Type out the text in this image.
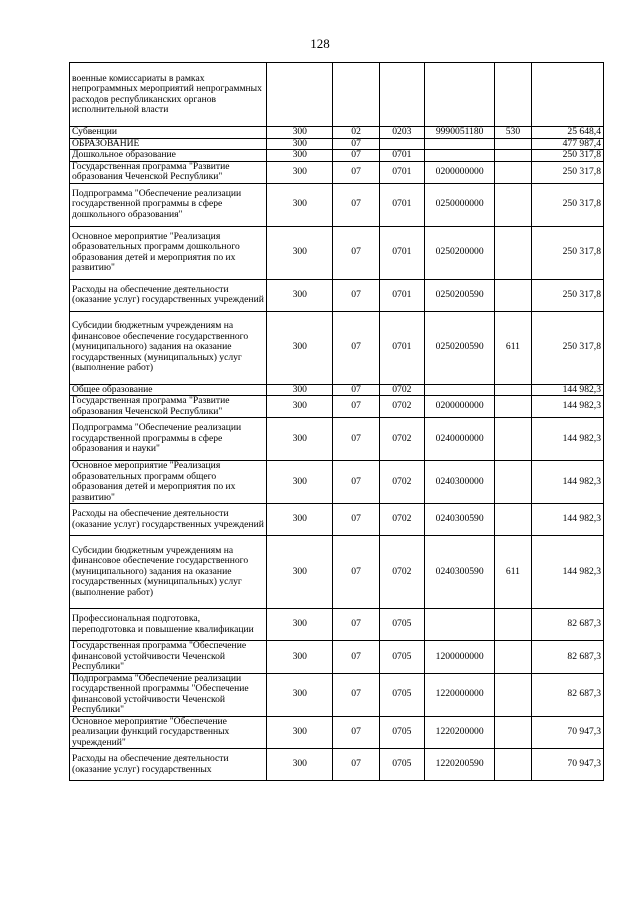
128
военные комиссариаты в рамках непрограммных мероприятий непрограммных расходов республиканских органов исполнительной власти						
Субвенции	300	02	0203	9990051180	530	25 648,4
ОБРАЗОВАНИЕ	300	07				477 987,4
Дошкольное образование	300	07	0701			250 317,8
Государственная программа "Развитие образования Чеченской Республики"	300	07	0701	0200000000		250 317,8
Подпрограмма "Обеспечение реализации государственной программы в сфере дошкольного образования"	300	07	0701	0250000000		250 317,8
Основное мероприятие "Реализация образовательных программ дошкольного образования детей и мероприятия по их развитию"	300	07	0701	0250200000		250 317,8
Расходы на обеспечение деятельности (оказание услуг) государственных учреждений	300	07	0701	0250200590		250 317,8
Субсидии бюджетным учреждениям на финансовое обеспечение государственного (муниципального) задания на оказание государственных (муниципальных) услуг (выполнение работ)	300	07	0701	0250200590	611	250 317,8
Общее образование	300	07	0702			144 982,3
Государственная программа "Развитие образования Чеченской Республики"	300	07	0702	0200000000		144 982,3
Подпрограмма "Обеспечение реализации государственной программы в сфере образования и науки"	300	07	0702	0240000000		144 982,3
Основное мероприятие "Реализация образовательных программ общего образования детей и мероприятия по их развитию"	300	07	0702	0240300000		144 982,3
Расходы на обеспечение деятельности (оказание услуг) государственных учреждений	300	07	0702	0240300590		144 982,3
Субсидии бюджетным учреждениям на финансовое обеспечение государственного (муниципального) задания на оказание государственных (муниципальных) услуг (выполнение работ)	300	07	0702	0240300590	611	144 982,3
Профессиональная подготовка, переподготовка и повышение квалификации	300	07	0705			82 687,3
Государственная программа "Обеспечение финансовой устойчивости Чеченской Республики"	300	07	0705	1200000000		82 687,3
Подпрограмма "Обеспечение реализации государственной программы "Обеспечение финансовой устойчивости Чеченской Республики"	300	07	0705	1220000000		82 687,3
Основное мероприятие "Обеспечение реализации функций государственных учреждений"	300	07	0705	1220200000		70 947,3
Расходы на обеспечение деятельности (оказание услуг) государственных	300	07	0705	1220200590		70 947,3
